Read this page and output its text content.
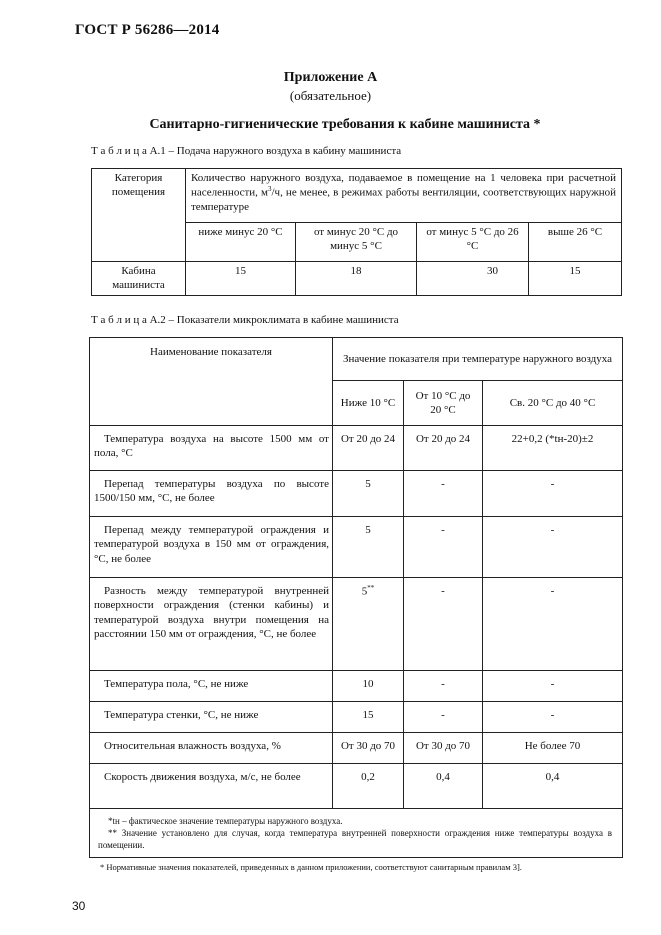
ГОСТ Р 56286—2014
Приложение А
(обязательное)
Санитарно-гигиенические требования к кабине машиниста *
Т а б л и ц а А.1 – Подача наружного воздуха в кабину машиниста
Категория помещения	Количество наружного воздуха, подаваемое в помещение на 1 человека при расчетной населенности, $м^3/ч$, не менее, в режимах работы вентиляции, соответствующих наружной температуре			
	ниже минус 20 °С	от минус 20 °С до минус 5 °С	от минус 5 °С до 26 °С	выше 26 °С
Кабина машиниста	15	18	30	15
Т а б л и ц а А.2 – Показатели микроклимата в кабине машиниста
Наименование показателя	Значение показателя при температуре наружного воздуха		
	Ниже 10 °С	От 10 °С до 20 °С	Св. 20 °С до 40 °С
Температура воздуха на высоте 1500 мм от пола, °С	От 20 до 24	От 20 до 24	22+0,2 (*tн-20)±2
Перепад температуры воздуха по высоте 1500/150 мм, °С, не более	5	-	-
Перепад между температурой ограждения и температурой воздуха в 150 мм от ограждения, °С, не более	5	-	-
Разность между температурой внутренней поверхности ограждения (стенки кабины) и температурой воздуха внутри помещения на расстоянии 150 мм от ограждения, °С, не более	5**	-	-
Температура пола, °С, не ниже	10	-	-
Температура стенки, °С, не ниже	15	-	-
Относительная влажность воздуха, %	От 30 до 70	От 30 до 70	Не более 70
Скорость движения воздуха, м/с, не более	0,2	0,4	0,4

*tн – фактическое значение температуры наружного воздуха.
** Значение установлено для случая, когда температура внутренней поверхности ограждения ниже температуры воздуха в помещении.			
* Нормативные значения показателей, приведенных в данном приложении, соответствуют санитарным правилам 3].
30
